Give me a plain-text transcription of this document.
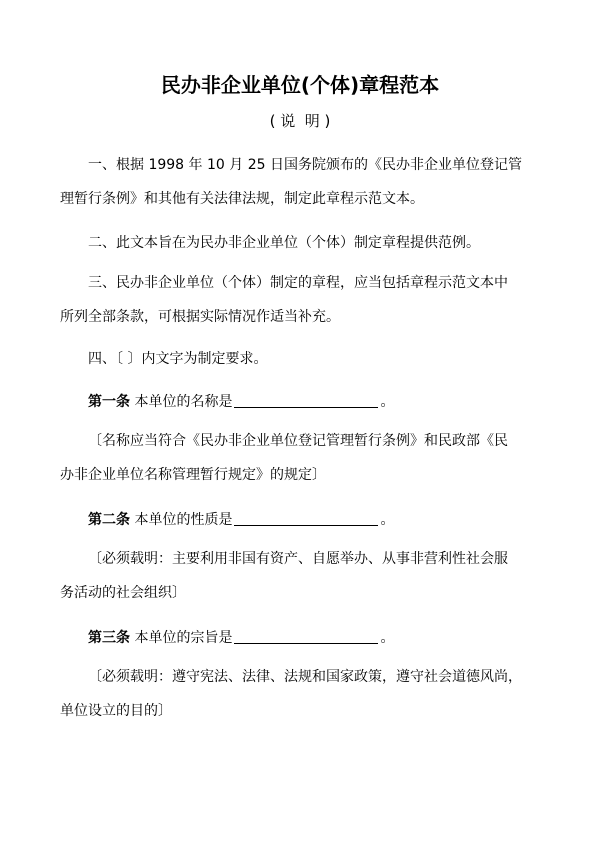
民办非企业单位(个体)章程范本
( 说  明 )
一、根据 1998 年 10 月 25 日国务院颁布的《民办非企业单位登记管
理暂行条例》和其他有关法律法规，制定此章程示范文本。
二、此文本旨在为民办非企业单位（个体）制定章程提供范例。
三、民办非企业单位（个体）制定的章程，应当包括章程示范文本中
所列全部条款，可根据实际情况作适当补充。
四、〔 〕内文字为制定要求。
第一条 本单位的名称是	。
〔名称应当符合《民办非企业单位登记管理暂行条例》和民政部《民
办非企业单位名称管理暂行规定》的规定〕
第二条 本单位的性质是	。
〔必须载明：主要利用非国有资产、自愿举办、从事非营利性社会服
务活动的社会组织〕
第三条 本单位的宗旨是	。
〔必须载明：遵守宪法、法律、法规和国家政策，遵守社会道德风尚，
单位设立的目的〕
